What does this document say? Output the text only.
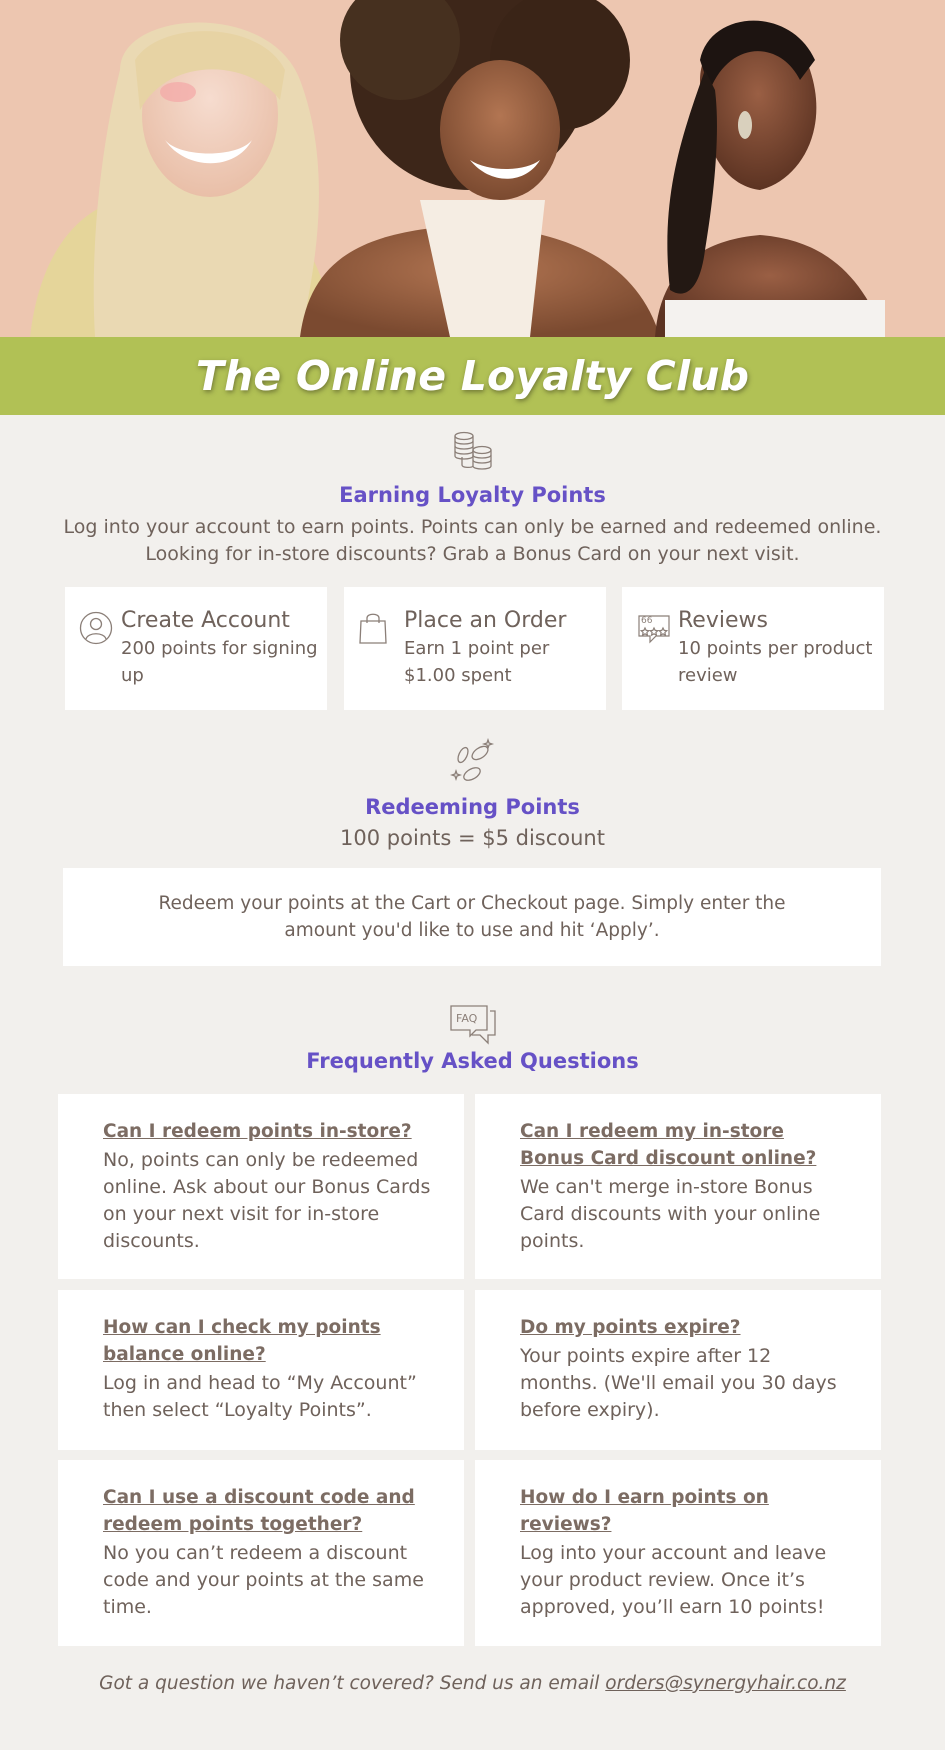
The Online Loyalty Club
Earning Loyalty Points
Log into your account to earn points. Points can only be earned and redeemed online. Looking for in-store discounts? Grab a Bonus Card on your next visit.
Create Account
200 points for signing up
Place an Order
Earn 1 point per $1.00 spent
66 Reviews
10 points per product review
Redeeming Points
100 points = $5 discount
Redeem your points at the Cart or Checkout page. Simply enter the amount you'd like to use and hit ‘Apply’.
FAQ
Frequently Asked Questions
Can I redeem points in-store?
No, points can only be redeemed online. Ask about our Bonus Cards on your next visit for in-store discounts.
Can I redeem my in-store Bonus Card discount online?
We can't merge in-store Bonus Card discounts with your online points.
How can I check my points balance online?
Log in and head to “My Account” then select “Loyalty Points”.
Do my points expire?
Your points expire after 12 months. (We'll email you 30 days before expiry).
Can I use a discount code and redeem points together?
No you can’t redeem a discount code and your points at the same time.
How do I earn points on reviews?
Log into your account and leave your product review. Once it’s approved, you’ll earn 10 points!
Got a question we haven’t covered? Send us an email orders@synergyhair.co.nz
